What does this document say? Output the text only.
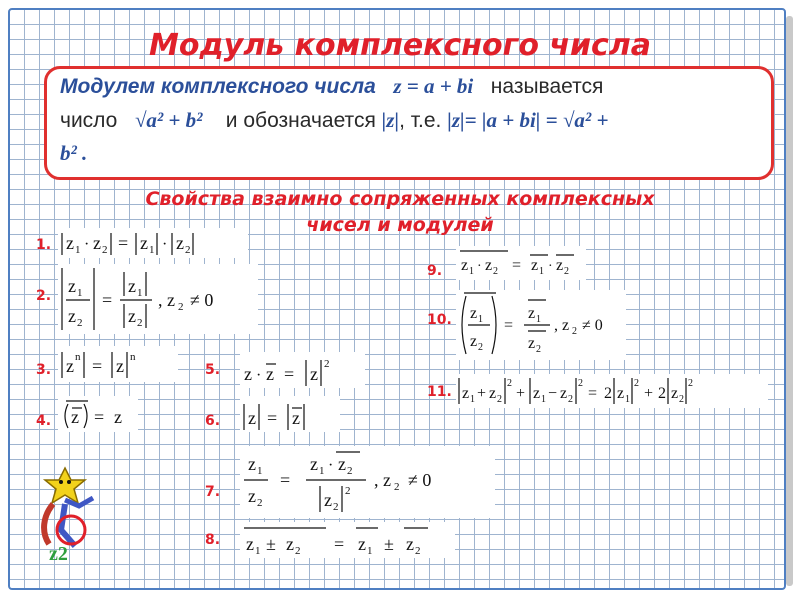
Модуль комплексного числа
Модулем комплексного числа z = a + bi называется
число √a² + b² и обозначается |z|, т.е. |z|= |a + bi| = √a² +
b² .
Свойства взаимно сопряженных комплексных
чисел и модулей
1.
2.
3.
4.
5.
6.
7.
8.
9.
10.
11.
z 1 · z 2 = z 1 · z 2
z 1
z 2
=
z 1
z 2
, z 2 ≠ 0
z n = z n
z = z
z · z = z 2
z = z
z 1
z 2
=
z 1 · z 2
z 2
2
, z 2 ≠ 0
z 1 ± z 2 = z 1 ± z 2
z 1 · z 2 = z 1 · z 2
z 1
z 2
=
z 1
z 2
, z 2 ≠ 0
z 1 + z 2
2
+ z 1 − z 2
2
= 2 z 1
2
+ 2 z 2
2
z2
